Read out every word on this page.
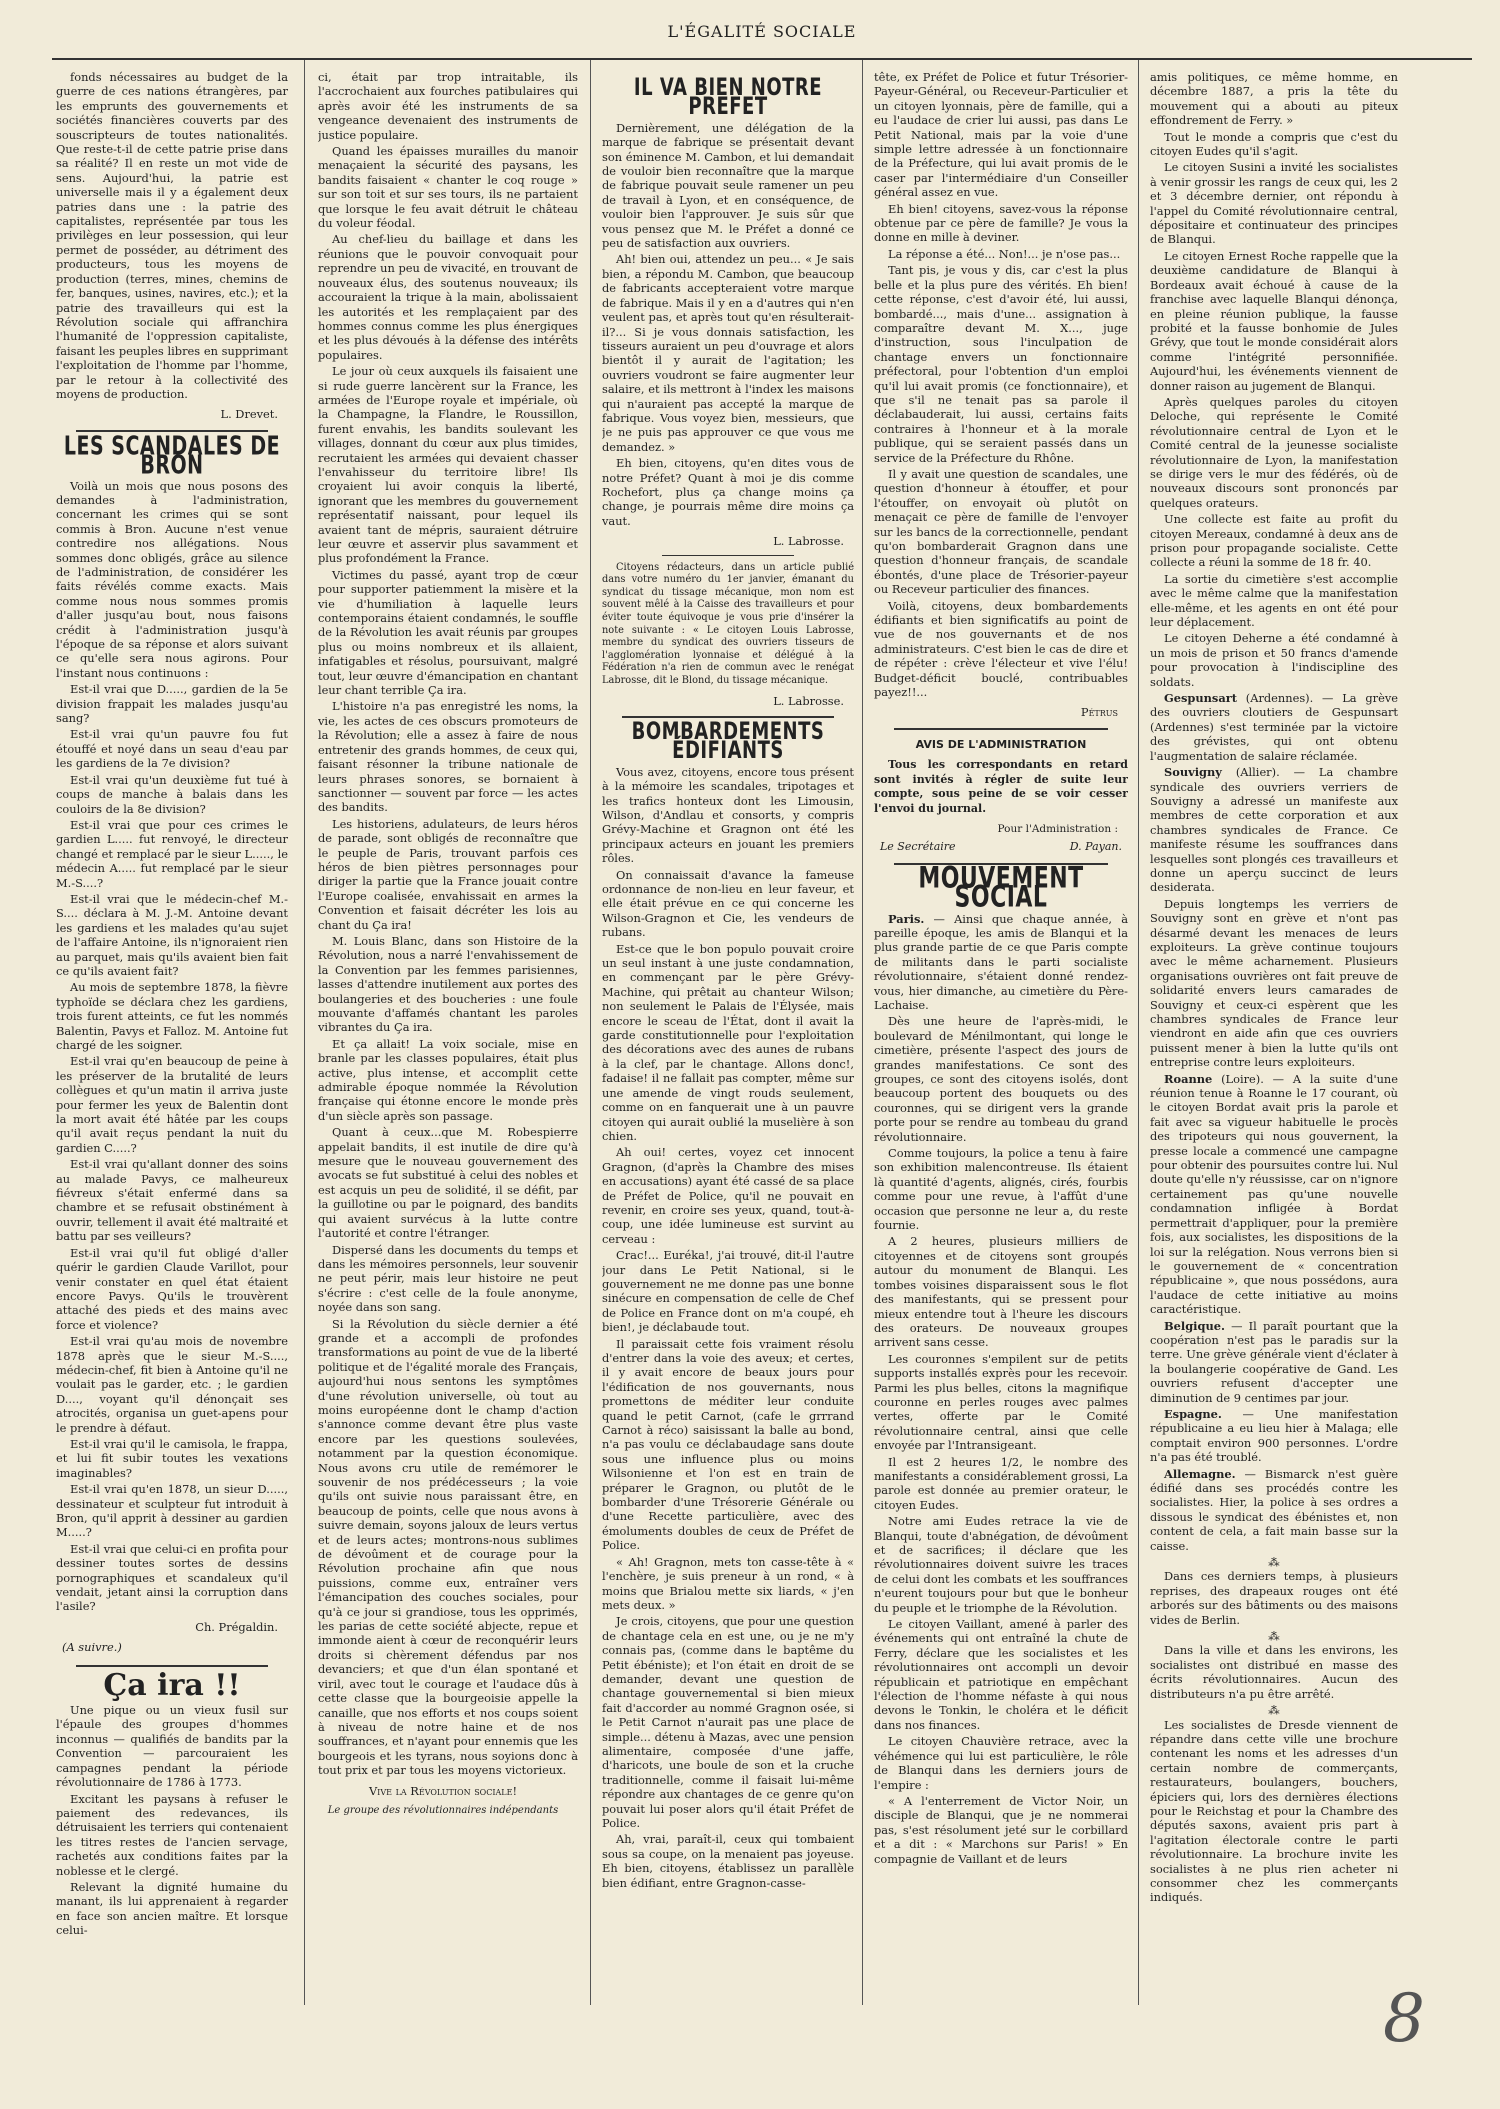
L'ÉGALITÉ SOCIALE

fonds nécessaires au budget de la guerre de ces nations étrangères, par les emprunts des gouvernements et sociétés financières couverts par des souscripteurs de toutes nationalités. Que reste-t-il de cette patrie prise dans sa réalité? Il en reste un mot vide de sens. Aujourd'hui, la patrie est universelle mais il y a également deux patries dans une : la patrie des capitalistes, représentée par tous les privilèges en leur possession, qui leur permet de posséder, au détriment des producteurs, tous les moyens de production (terres, mines, chemins de fer, banques, usines, navires, etc.); et la patrie des travailleurs qui est la Révolution sociale qui affranchira l'humanité de l'oppression capitaliste, faisant les peuples libres en supprimant l'exploitation de l'homme par l'homme, par le retour à la collectivité des moyens de production.

L. Drevet.
LES SCANDALES DE BRON

Voilà un mois que nous posons des demandes à l'administration, concernant les crimes qui se sont commis à Bron. Aucune n'est venue contredire nos allégations. Nous sommes donc obligés, grâce au silence de l'administration, de considérer les faits révélés comme exacts. Mais comme nous nous sommes promis d'aller jusqu'au bout, nous faisons crédit à l'administration jusqu'à l'époque de sa réponse et alors suivant ce qu'elle sera nous agirons. Pour l'instant nous continuons :

Est-il vrai que D....., gardien de la 5e division frappait les malades jusqu'au sang?

Est-il vrai qu'un pauvre fou fut étouffé et noyé dans un seau d'eau par les gardiens de la 7e division?

Est-il vrai qu'un deuxième fut tué à coups de manche à balais dans les couloirs de la 8e division?

Est-il vrai que pour ces crimes le gardien L..... fut renvoyé, le directeur changé et remplacé par le sieur L....., le médecin A..... fut remplacé par le sieur M.-S....?

Est-il vrai que le médecin-chef M.-S.... déclara à M. J.-M. Antoine devant les gardiens et les malades qu'au sujet de l'affaire Antoine, ils n'ignoraient rien au parquet, mais qu'ils avaient bien fait ce qu'ils avaient fait?

Au mois de septembre 1878, la fièvre typhoïde se déclara chez les gardiens, trois furent atteints, ce fut les nommés Balentin, Pavys et Falloz. M. Antoine fut chargé de les soigner.

Est-il vrai qu'en beaucoup de peine à les préserver de la brutalité de leurs collègues et qu'un matin il arriva juste pour fermer les yeux de Balentin dont la mort avait été hâtée par les coups qu'il avait reçus pendant la nuit du gardien C.....?

Est-il vrai qu'allant donner des soins au malade Pavys, ce malheureux fiévreux s'était enfermé dans sa chambre et se refusait obstinément à ouvrir, tellement il avait été maltraité et battu par ses veilleurs?

Est-il vrai qu'il fut obligé d'aller quérir le gardien Claude Varillot, pour venir constater en quel état étaient encore Pavys. Qu'ils le trouvèrent attaché des pieds et des mains avec force et violence?

Est-il vrai qu'au mois de novembre 1878 après que le sieur M.-S...., médecin-chef, fit bien à Antoine qu'il ne voulait pas le garder, etc. ; le gardien D...., voyant qu'il dénonçait ses atrocités, organisa un guet-apens pour le prendre à défaut.

Est-il vrai qu'il le camisola, le frappa, et lui fit subir toutes les vexations imaginables?

Est-il vrai qu'en 1878, un sieur D....., dessinateur et sculpteur fut introduit à Bron, qu'il apprit à dessiner au gardien M.....?

Est-il vrai que celui-ci en profita pour dessiner toutes sortes de dessins pornographiques et scandaleux qu'il vendait, jetant ainsi la corruption dans l'asile?

Ch. Prégaldin.
(A suivre.)
Ça ira !!

Une pique ou un vieux fusil sur l'épaule des groupes d'hommes inconnus — qualifiés de bandits par la Convention — parcouraient les campagnes pendant la période révolutionnaire de 1786 à 1773.

Excitant les paysans à refuser le paiement des redevances, ils détruisaient les terriers qui contenaient les titres restes de l'ancien servage, rachetés aux conditions faites par la noblesse et le clergé.

Relevant la dignité humaine du manant, ils lui apprenaient à regarder en face son ancien maître. Et lorsque celui-

ci, était par trop intraitable, ils l'accrochaient aux fourches patibulaires qui après avoir été les instruments de sa vengeance devenaient des instruments de justice populaire.

Quand les épaisses murailles du manoir menaçaient la sécurité des paysans, les bandits faisaient « chanter le coq rouge » sur son toit et sur ses tours, ils ne partaient que lorsque le feu avait détruit le château du voleur féodal.

Au chef-lieu du baillage et dans les réunions que le pouvoir convoquait pour reprendre un peu de vivacité, en trouvant de nouveaux élus, des soutenus nouveaux; ils accouraient la trique à la main, abolissaient les autorités et les remplaçaient par des hommes connus comme les plus énergiques et les plus dévoués à la défense des intérêts populaires.

Le jour où ceux auxquels ils faisaient une si rude guerre lancèrent sur la France, les armées de l'Europe royale et impériale, où la Champagne, la Flandre, le Roussillon, furent envahis, les bandits soulevant les villages, donnant du cœur aux plus timides, recrutaient les armées qui devaient chasser l'envahisseur du territoire libre! Ils croyaient lui avoir conquis la liberté, ignorant que les membres du gouvernement représentatif naissant, pour lequel ils avaient tant de mépris, sauraient détruire leur œuvre et asservir plus savamment et plus profondément la France.

Victimes du passé, ayant trop de cœur pour supporter patiemment la misère et la vie d'humiliation à laquelle leurs contemporains étaient condamnés, le souffle de la Révolution les avait réunis par groupes plus ou moins nombreux et ils allaient, infatigables et résolus, poursuivant, malgré tout, leur œuvre d'émancipation en chantant leur chant terrible Ça ira.

L'histoire n'a pas enregistré les noms, la vie, les actes de ces obscurs promoteurs de la Révolution; elle a assez à faire de nous entretenir des grands hommes, de ceux qui, faisant résonner la tribune nationale de leurs phrases sonores, se bornaient à sanctionner — souvent par force — les actes des bandits.

Les historiens, adulateurs, de leurs héros de parade, sont obligés de reconnaître que le peuple de Paris, trouvant parfois ces héros de bien piètres personnages pour diriger la partie que la France jouait contre l'Europe coalisée, envahissait en armes la Convention et faisait décréter les lois au chant du Ça ira!

M. Louis Blanc, dans son Histoire de la Révolution, nous a narré l'envahissement de la Convention par les femmes parisiennes, lasses d'attendre inutilement aux portes des boulangeries et des boucheries : une foule mouvante d'affamés chantant les paroles vibrantes du Ça ira.

Et ça allait! La voix sociale, mise en branle par les classes populaires, était plus active, plus intense, et accomplit cette admirable époque nommée la Révolution française qui étonne encore le monde près d'un siècle après son passage.

Quant à ceux...que M. Robespierre appelait bandits, il est inutile de dire qu'à mesure que le nouveau gouvernement des avocats se fut substitué à celui des nobles et est acquis un peu de solidité, il se défit, par la guillotine ou par le poignard, des bandits qui avaient survécus à la lutte contre l'autorité et contre l'étranger.

Dispersé dans les documents du temps et dans les mémoires personnels, leur souvenir ne peut périr, mais leur histoire ne peut s'écrire : c'est celle de la foule anonyme, noyée dans son sang.

Si la Révolution du siècle dernier a été grande et a accompli de profondes transformations au point de vue de la liberté politique et de l'égalité morale des Français, aujourd'hui nous sentons les symptômes d'une révolution universelle, où tout au moins européenne dont le champ d'action s'annonce comme devant être plus vaste encore par les questions soulevées, notamment par la question économique. Nous avons cru utile de remémorer le souvenir de nos prédécesseurs ; la voie qu'ils ont suivie nous paraissant être, en beaucoup de points, celle que nous avons à suivre demain, soyons jaloux de leurs vertus et de leurs actes; montrons-nous sublimes de dévoûment et de courage pour la Révolution prochaine afin que nous puissions, comme eux, entraîner vers l'émancipation des couches sociales, pour qu'à ce jour si grandiose, tous les opprimés, les parias de cette société abjecte, repue et immonde aient à cœur de reconquérir leurs droits si chèrement défendus par nos devanciers; et que d'un élan spontané et viril, avec tout le courage et l'audace dûs à cette classe que la bourgeoisie appelle la canaille, que nos efforts et nos coups soient à niveau de notre haine et de nos souffrances, et n'ayant pour ennemis que les bourgeois et les tyrans, nous soyions donc à tout prix et par tous les moyens victorieux.

Vive la Révolution sociale!
Le groupe des révolutionnaires indépendants
IL VA BIEN NOTRE PRÉFET

Dernièrement, une délégation de la marque de fabrique se présentait devant son éminence M. Cambon, et lui demandait de vouloir bien reconnaître que la marque de fabrique pouvait seule ramener un peu de travail à Lyon, et en conséquence, de vouloir bien l'approuver. Je suis sûr que vous pensez que M. le Préfet a donné ce peu de satisfaction aux ouvriers.

Ah! bien oui, attendez un peu... « Je sais bien, a répondu M. Cambon, que beaucoup de fabricants accepteraient votre marque de fabrique. Mais il y en a d'autres qui n'en veulent pas, et après tout qu'en résulterait-il?... Si je vous donnais satisfaction, les tisseurs auraient un peu d'ouvrage et alors bientôt il y aurait de l'agitation; les ouvriers voudront se faire augmenter leur salaire, et ils mettront à l'index les maisons qui n'auraient pas accepté la marque de fabrique. Vous voyez bien, messieurs, que je ne puis pas approuver ce que vous me demandez. »

Eh bien, citoyens, qu'en dites vous de notre Préfet? Quant à moi je dis comme Rochefort, plus ça change moins ça change, je pourrais même dire moins ça vaut.

L. Labrosse.

Citoyens rédacteurs, dans un article publié dans votre numéro du 1er janvier, émanant du syndicat du tissage mécanique, mon nom est souvent mêlé à la Caisse des travailleurs et pour éviter toute équivoque je vous prie d'insérer la note suivante : « Le citoyen Louis Labrosse, membre du syndicat des ouvriers tisseurs de l'agglomération lyonnaise et délégué à la Fédération n'a rien de commun avec le renégat Labrosse, dit le Blond, du tissage mécanique.

L. Labrosse.
BOMBARDEMENTS ÉDIFIANTS

Vous avez, citoyens, encore tous présent à la mémoire les scandales, tripotages et les trafics honteux dont les Limousin, Wilson, d'Andlau et consorts, y compris Grévy-Machine et Gragnon ont été les principaux acteurs en jouant les premiers rôles.

On connaissait d'avance la fameuse ordonnance de non-lieu en leur faveur, et elle était prévue en ce qui concerne les Wilson-Gragnon et Cie, les vendeurs de rubans.

Est-ce que le bon populo pouvait croire un seul instant à une juste condamnation, en commençant par le père Grévy-Machine, qui prêtait au chanteur Wilson; non seulement le Palais de l'Élysée, mais encore le sceau de l'État, dont il avait la garde constitutionnelle pour l'exploitation des décorations avec des aunes de rubans à la clef, par le chantage. Allons donc!, fadaise! il ne fallait pas compter, même sur une amende de vingt rouds seulement, comme on en fanquerait une à un pauvre citoyen qui aurait oublié la muselière à son chien.

Ah oui! certes, voyez cet innocent Gragnon, (d'après la Chambre des mises en accusations) ayant été cassé de sa place de Préfet de Police, qu'il ne pouvait en revenir, en croire ses yeux, quand, tout-à-coup, une idée lumineuse est survint au cerveau :

Crac!... Euréka!, j'ai trouvé, dit-il l'autre jour dans Le Petit National, si le gouvernement ne me donne pas une bonne sinécure en compensation de celle de Chef de Police en France dont on m'a coupé, eh bien!, je déclabaude tout.

Il paraissait cette fois vraiment résolu d'entrer dans la voie des aveux; et certes, il y avait encore de beaux jours pour l'édification de nos gouvernants, nous promettons de méditer leur conduite quand le petit Carnot, (cafe le grrrand Carnot à réco) saisissant la balle au bond, n'a pas voulu ce déclabaudage sans doute sous une influence plus ou moins Wilsonienne et l'on est en train de préparer le Gragnon, ou plutôt de le bombarder d'une Trésorerie Générale ou d'une Recette particulière, avec des émoluments doubles de ceux de Préfet de Police.

« Ah! Gragnon, mets ton casse-tête à « l'enchère, je suis preneur à un rond, « à moins que Brialou mette six liards, « j'en mets deux. »

Je crois, citoyens, que pour une question de chantage cela en est une, ou je ne m'y connais pas, (comme dans le baptême du Petit ébéniste); et l'on était en droit de se demander, devant une question de chantage gouvernemental si bien mieux fait d'accorder au nommé Gragnon osée, si le Petit Carnot n'aurait pas une place de simple... détenu à Mazas, avec une pension alimentaire, composée d'une jaffe, d'haricots, une boule de son et la cruche traditionnelle, comme il faisait lui-même répondre aux chantages de ce genre qu'on pouvait lui poser alors qu'il était Préfet de Police.

Ah, vrai, paraît-il, ceux qui tombaient sous sa coupe, on la menaient pas joyeuse. Eh bien, citoyens, établissez un parallèle bien édifiant, entre Gragnon-casse-

tête, ex Préfet de Police et futur Trésorier-Payeur-Général, ou Receveur-Particulier et un citoyen lyonnais, père de famille, qui a eu l'audace de crier lui aussi, pas dans Le Petit National, mais par la voie d'une simple lettre adressée à un fonctionnaire de la Préfecture, qui lui avait promis de le caser par l'intermédiaire d'un Conseiller général assez en vue.

Eh bien! citoyens, savez-vous la réponse obtenue par ce père de famille? Je vous la donne en mille à deviner.

La réponse a été... Non!... je n'ose pas...

Tant pis, je vous y dis, car c'est la plus belle et la plus pure des vérités. Eh bien! cette réponse, c'est d'avoir été, lui aussi, bombardé..., mais d'une... assignation à comparaître devant M. X..., juge d'instruction, sous l'inculpation de chantage envers un fonctionnaire préfectoral, pour l'obtention d'un emploi qu'il lui avait promis (ce fonctionnaire), et que s'il ne tenait pas sa parole il déclabauderait, lui aussi, certains faits contraires à l'honneur et à la morale publique, qui se seraient passés dans un service de la Préfecture du Rhône.

Il y avait une question de scandales, une question d'honneur à étouffer, et pour l'étouffer, on envoyait où plutôt on menaçait ce père de famille de l'envoyer sur les bancs de la correctionnelle, pendant qu'on bombarderait Gragnon dans une question d'honneur français, de scandale ébontés, d'une place de Trésorier-payeur ou Receveur particulier des finances.

Voilà, citoyens, deux bombardements édifiants et bien significatifs au point de vue de nos gouvernants et de nos administrateurs. C'est bien le cas de dire et de répéter : crève l'électeur et vive l'élu! Budget-déficit bouclé, contribuables payez!!...

Pétrus
AVIS DE L'ADMINISTRATION

Tous les correspondants en retard sont invités à régler de suite leur compte, sous peine de se voir cesser l'envoi du journal.

Pour l'Administration :
Le Secrétaire	D. Payan.
MOUVEMENT SOCIAL

Paris. — Ainsi que chaque année, à pareille époque, les amis de Blanqui et la plus grande partie de ce que Paris compte de militants dans le parti socialiste révolutionnaire, s'étaient donné rendez-vous, hier dimanche, au cimetière du Père-Lachaise.

Dès une heure de l'après-midi, le boulevard de Ménilmontant, qui longe le cimetière, présente l'aspect des jours de grandes manifestations. Ce sont des groupes, ce sont des citoyens isolés, dont beaucoup portent des bouquets ou des couronnes, qui se dirigent vers la grande porte pour se rendre au tombeau du grand révolutionnaire.

Comme toujours, la police a tenu à faire son exhibition malencontreuse. Ils étaient là quantité d'agents, alignés, cirés, fourbis comme pour une revue, à l'affût d'une occasion que personne ne leur a, du reste fournie.

A 2 heures, plusieurs milliers de citoyennes et de citoyens sont groupés autour du monument de Blanqui. Les tombes voisines disparaissent sous le flot des manifestants, qui se pressent pour mieux entendre tout à l'heure les discours des orateurs. De nouveaux groupes arrivent sans cesse.

Les couronnes s'empilent sur de petits supports installés exprès pour les recevoir. Parmi les plus belles, citons la magnifique couronne en perles rouges avec palmes vertes, offerte par le Comité révolutionnaire central, ainsi que celle envoyée par l'Intransigeant.

Il est 2 heures 1/2, le nombre des manifestants a considérablement grossi, La parole est donnée au premier orateur, le citoyen Eudes.

Notre ami Eudes retrace la vie de Blanqui, toute d'abnégation, de dévoûment et de sacrifices; il déclare que les révolutionnaires doivent suivre les traces de celui dont les combats et les souffrances n'eurent toujours pour but que le bonheur du peuple et le triomphe de la Révolution.

Le citoyen Vaillant, amené à parler des événements qui ont entraîné la chute de Ferry, déclare que les socialistes et les révolutionnaires ont accompli un devoir républicain et patriotique en empêchant l'élection de l'homme néfaste à qui nous devons le Tonkin, le choléra et le déficit dans nos finances.

Le citoyen Chauvière retrace, avec la véhémence qui lui est particulière, le rôle de Blanqui dans les derniers jours de l'empire :

« A l'enterrement de Victor Noir, un disciple de Blanqui, que je ne nommerai pas, s'est résolument jeté sur le corbillard et a dit : « Marchons sur Paris! » En compagnie de Vaillant et de leurs

amis politiques, ce même homme, en décembre 1887, a pris la tête du mouvement qui a abouti au piteux effondrement de Ferry. »

Tout le monde a compris que c'est du citoyen Eudes qu'il s'agit.

Le citoyen Susini a invité les socialistes à venir grossir les rangs de ceux qui, les 2 et 3 décembre dernier, ont répondu à l'appel du Comité révolutionnaire central, dépositaire et continuateur des principes de Blanqui.

Le citoyen Ernest Roche rappelle que la deuxième candidature de Blanqui à Bordeaux avait échoué à cause de la franchise avec laquelle Blanqui dénonça, en pleine réunion publique, la fausse probité et la fausse bonhomie de Jules Grévy, que tout le monde considérait alors comme l'intégrité personnifiée. Aujourd'hui, les événements viennent de donner raison au jugement de Blanqui.

Après quelques paroles du citoyen Deloche, qui représente le Comité révolutionnaire central de Lyon et le Comité central de la jeunesse socialiste révolutionnaire de Lyon, la manifestation se dirige vers le mur des fédérés, où de nouveaux discours sont prononcés par quelques orateurs.

Une collecte est faite au profit du citoyen Mereaux, condamné à deux ans de prison pour propagande socialiste. Cette collecte a réuni la somme de 18 fr. 40.

La sortie du cimetière s'est accomplie avec le même calme que la manifestation elle-même, et les agents en ont été pour leur déplacement.

Le citoyen Deherne a été condamné à un mois de prison et 50 francs d'amende pour provocation à l'indiscipline des soldats.

Gespunsart (Ardennes). — La grève des ouvriers cloutiers de Gespunsart (Ardennes) s'est terminée par la victoire des grévistes, qui ont obtenu l'augmentation de salaire réclamée.

Souvigny (Allier). — La chambre syndicale des ouvriers verriers de Souvigny a adressé un manifeste aux membres de cette corporation et aux chambres syndicales de France. Ce manifeste résume les souffrances dans lesquelles sont plongés ces travailleurs et donne un aperçu succinct de leurs desiderata.

Depuis longtemps les verriers de Souvigny sont en grève et n'ont pas désarmé devant les menaces de leurs exploiteurs. La grève continue toujours avec le même acharnement. Plusieurs organisations ouvrières ont fait preuve de solidarité envers leurs camarades de Souvigny et ceux-ci espèrent que les chambres syndicales de France leur viendront en aide afin que ces ouvriers puissent mener à bien la lutte qu'ils ont entreprise contre leurs exploiteurs.

Roanne (Loire). — A la suite d'une réunion tenue à Roanne le 17 courant, où le citoyen Bordat avait pris la parole et fait avec sa vigueur habituelle le procès des tripoteurs qui nous gouvernent, la presse locale a commencé une campagne pour obtenir des poursuites contre lui. Nul doute qu'elle n'y réussisse, car on n'ignore certainement pas qu'une nouvelle condamnation infligée à Bordat permettrait d'appliquer, pour la première fois, aux socialistes, les dispositions de la loi sur la relégation. Nous verrons bien si le gouvernement de « concentration républicaine », que nous possédons, aura l'audace de cette initiative au moins caractéristique.

Belgique. — Il paraît pourtant que la coopération n'est pas le paradis sur la terre. Une grève générale vient d'éclater à la boulangerie coopérative de Gand. Les ouvriers refusent d'accepter une diminution de 9 centimes par jour.

Espagne. — Une manifestation républicaine a eu lieu hier à Malaga; elle comptait environ 900 personnes. L'ordre n'a pas été troublé.

Allemagne. — Bismarck n'est guère édifié dans ses procédés contre les socialistes. Hier, la police à ses ordres a dissous le syndicat des ébénistes et, non content de cela, a fait main basse sur la caisse.

⁂

Dans ces derniers temps, à plusieurs reprises, des drapeaux rouges ont été arborés sur des bâtiments ou des maisons vides de Berlin.

⁂

Dans la ville et dans les environs, les socialistes ont distribué en masse des écrits révolutionnaires. Aucun des distributeurs n'a pu être arrêté.

⁂

Les socialistes de Dresde viennent de répandre dans cette ville une brochure contenant les noms et les adresses d'un certain nombre de commerçants, restaurateurs, boulangers, bouchers, épiciers qui, lors des dernières élections pour le Reichstag et pour la Chambre des députés saxons, avaient pris part à l'agitation électorale contre le parti révolutionnaire. La brochure invite les socialistes à ne plus rien acheter ni consommer chez les commerçants indiqués.

8
